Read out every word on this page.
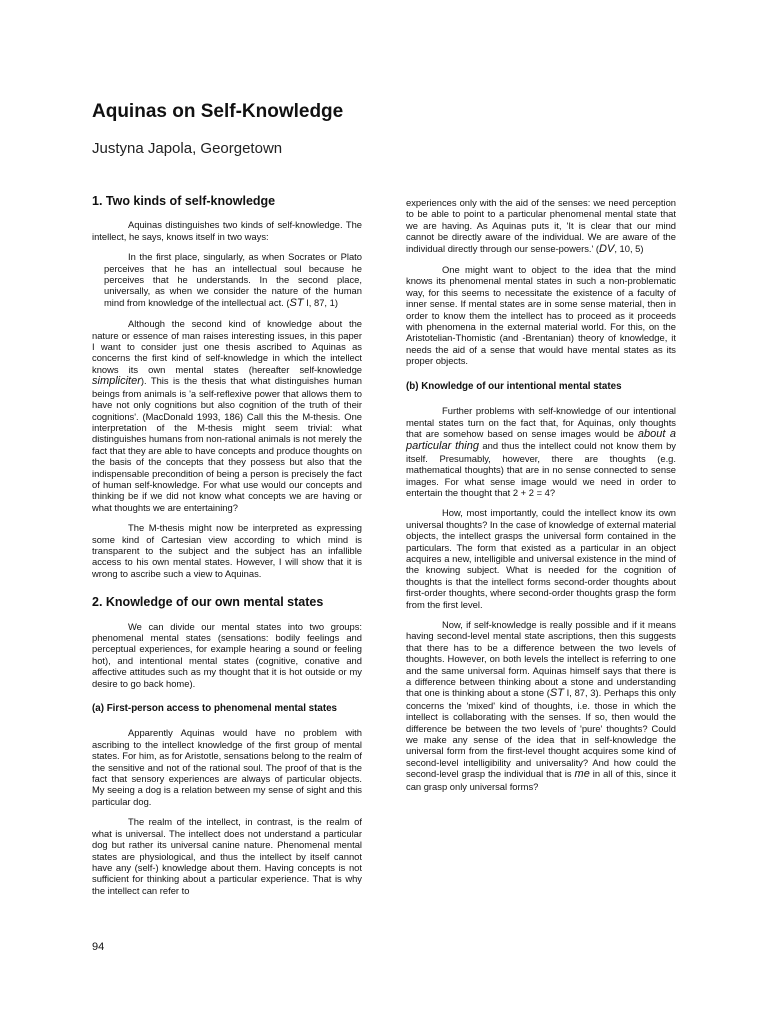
Aquinas on Self-Knowledge
Justyna Japola, Georgetown
1. Two kinds of self-knowledge

Aquinas distinguishes two kinds of self-knowledge. The intellect, he says, knows itself in two ways:

In the first place, singularly, as when Socrates or Plato perceives that he has an intellectual soul because he perceives that he understands. In the second place, universally, as when we consider the nature of the human mind from knowledge of the intellectual act. (ST I, 87, 1)

Although the second kind of knowledge about the nature or essence of man raises interesting issues, in this paper I want to consider just one thesis ascribed to Aquinas as concerns the first kind of self-knowledge in which the intellect knows its own mental states (hereafter self-knowledge simpliciter). This is the thesis that what distinguishes human beings from animals is 'a self-reflexive power that allows them to have not only cognitions but also cognition of the truth of their cognitions'. (MacDonald 1993, 186) Call this the M-thesis. One interpretation of the M-thesis might seem trivial: what distinguishes humans from non-rational animals is not merely the fact that they are able to have concepts and produce thoughts on the basis of the concepts that they possess but also that the indispensable precondition of being a person is precisely the fact of human self-knowledge. For what use would our concepts and thinking be if we did not know what concepts we are having or what thoughts we are entertaining?

The M-thesis might now be interpreted as expressing some kind of Cartesian view according to which mind is transparent to the subject and the subject has an infallible access to his own mental states. However, I will show that it is wrong to ascribe such a view to Aquinas.

2. Knowledge of our own mental states

We can divide our mental states into two groups: phenomenal mental states (sensations: bodily feelings and perceptual experiences, for example hearing a sound or feeling hot), and intentional mental states (cognitive, conative and affective attitudes such as my thought that it is hot outside or my desire to go back home).

(a) First-person access to phenomenal mental states

Apparently Aquinas would have no problem with ascribing to the intellect knowledge of the first group of mental states. For him, as for Aristotle, sensations belong to the realm of the sensitive and not of the rational soul. The proof of that is the fact that sensory experiences are always of particular objects. My seeing a dog is a relation between my sense of sight and this particular dog.

The realm of the intellect, in contrast, is the realm of what is universal. The intellect does not understand a particular dog but rather its universal canine nature. Phenomenal mental states are physiological, and thus the intellect by itself cannot have any (self-) knowledge about them. Having concepts is not sufficient for thinking about a particular experience. That is why the intellect can refer to

experiences only with the aid of the senses: we need perception to be able to point to a particular phenomenal mental state that we are having. As Aquinas puts it, 'It is clear that our mind cannot be directly aware of the individual. We are aware of the individual directly through our sense-powers.' (DV, 10, 5)

One might want to object to the idea that the mind knows its phenomenal mental states in such a non-problematic way, for this seems to necessitate the existence of a faculty of inner sense. If mental states are in some sense material, then in order to know them the intellect has to proceed as it proceeds with phenomena in the external material world. For this, on the Aristotelian-Thomistic (and -Brentanian) theory of knowledge, it needs the aid of a sense that would have mental states as its proper objects.

(b) Knowledge of our intentional mental states

Further problems with self-knowledge of our intentional mental states turn on the fact that, for Aquinas, only thoughts that are somehow based on sense images would be about a particular thing and thus the intellect could not know them by itself. Presumably, however, there are thoughts (e.g. mathematical thoughts) that are in no sense connected to sense images. For what sense image would we need in order to entertain the thought that 2 + 2 = 4?

How, most importantly, could the intellect know its own universal thoughts? In the case of knowledge of external material objects, the intellect grasps the universal form contained in the particulars. The form that existed as a particular in an object acquires a new, intelligible and universal existence in the mind of the knowing subject. What is needed for the cognition of thoughts is that the intellect forms second-order thoughts about first-order thoughts, where second-order thoughts grasp the form from the first level.

Now, if self-knowledge is really possible and if it means having second-level mental state ascriptions, then this suggests that there has to be a difference between the two levels of thoughts. However, on both levels the intellect is referring to one and the same universal form. Aquinas himself says that there is a difference between thinking about a stone and understanding that one is thinking about a stone (ST I, 87, 3). Perhaps this only concerns the 'mixed' kind of thoughts, i.e. those in which the intellect is collaborating with the senses. If so, then would the difference be between the two levels of 'pure' thoughts? Could we make any sense of the idea that in self-knowledge the universal form from the first-level thought acquires some kind of second-level intelligibility and universality? And how could the second-level grasp the individual that is me in all of this, since it can grasp only universal forms?

94
